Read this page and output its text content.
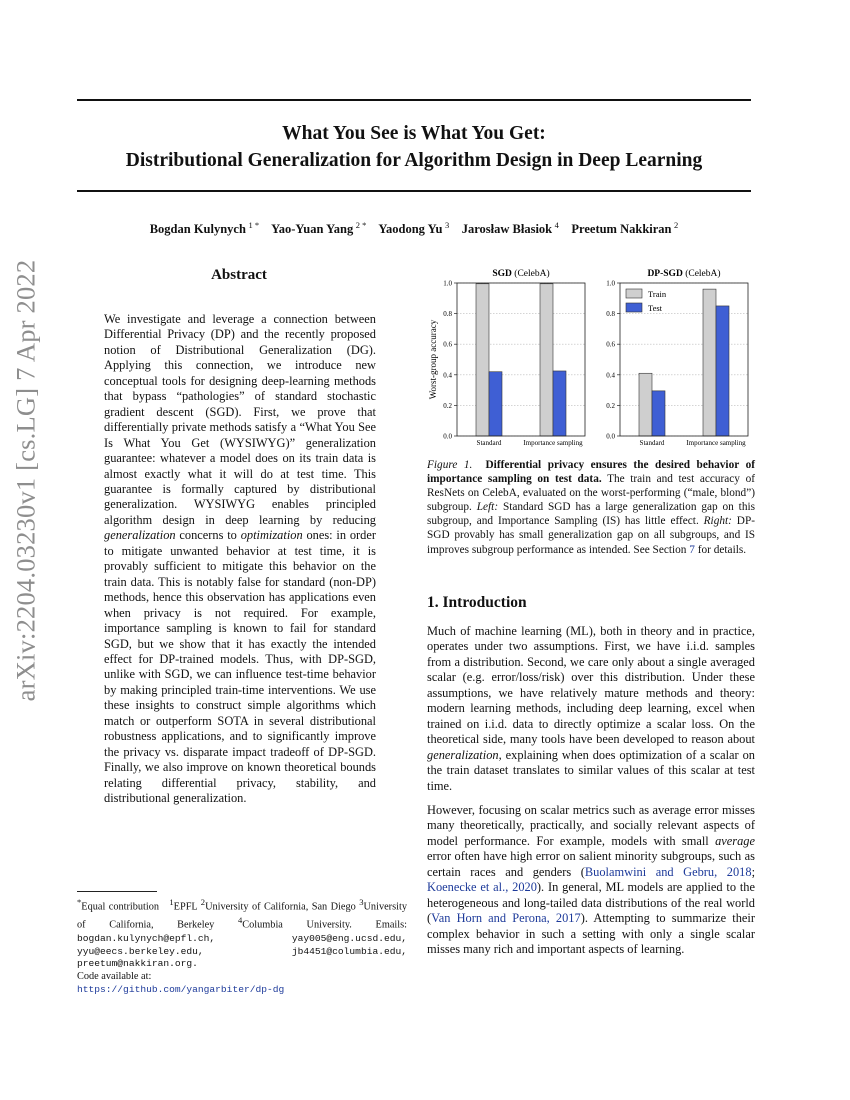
What You See is What You Get:
Distributional Generalization for Algorithm Design in Deep Learning
Bogdan Kulynych  $^{1 *}$ Yao-Yuan Yang  $^{2 *}$ Yaodong Yu  $^3$ Jarosław Błasiok  $^4$ Preetum Nakkiran  $^2$
arXiv:2204.03230v1 [cs.LG] 7 Apr 2022	Abstract
We investigate and leverage a connection between Differential Privacy (DP) and the recently proposed notion of Distributional Generalization (DG). Applying this connection, we introduce new conceptual tools for designing deep-learning methods that bypass “pathologies” of standard stochastic gradient descent (SGD). First, we prove that differentially private methods satisfy a “What You See Is What You Get (WYSIWYG)” generalization guarantee: whatever a model does on its train data is almost exactly what it will do at test time. This guarantee is formally captured by distributional generalization. WYSIWYG enables principled algorithm design in deep learning by reducing generalization concerns to optimization ones: in order to mitigate unwanted behavior at test time, it is provably sufficient to mitigate this behavior on the train data. This is notably false for standard (non-DP) methods, hence this observation has applications even when privacy is not required. For example, importance sampling is known to fail for standard SGD, but we show that it has exactly the intended effect for DP-trained models. Thus, with DP-SGD, unlike with SGD, we can influence test-time behavior by making principled train-time interventions. We use these insights to construct simple algorithms which match or outperform SOTA in several distributional robustness applications, and to significantly improve the privacy vs. disparate impact tradeoff of DP-SGD. Finally, we also improve on known theoretical bounds relating differential privacy, stability, and distributional generalization.
*Equal contribution $^1$EPFL $^2$University of California, San Diego $^3$University of California, Berkeley	$^4$Columbia University. Emails: bogdan.kulynych@epfl.ch, yay005@eng.ucsd.edu, yyu@eecs.berkeley.edu, jb4451@columbia.edu, preetum@nakkiran.org.
Code available at:
https://github.com/yangarbiter/dp-dg
SGD (CelebA)
0.0
0.2
0.4
0.6
0.8
1.0
Standard	Importance sampling
Worst-group accuracy
DP-SGD (CelebA)
0.0
0.2
0.4
0.6
0.8
1.0
Standard	Importance sampling
Train
Test
Figure 1. Differential privacy ensures the desired behavior of importance sampling on test data. The train and test accuracy of ResNets on CelebA, evaluated on the worst-performing (“male, blond”) subgroup. Left: Standard SGD has a large generalization gap on this subgroup, and Importance Sampling (IS) has little effect. Right: DP-SGD provably has small generalization gap on all subgroups, and IS improves subgroup performance as intended. See Section 7 for details.
1. Introduction

Much of machine learning (ML), both in theory and in practice, operates under two assumptions. First, we have i.i.d. samples from a distribution. Second, we care only about a single averaged scalar (e.g. error/loss/risk) over this distribution. Under these assumptions, we have relatively mature methods and theory: modern learning methods, including deep learning, excel when trained on i.i.d. data to directly optimize a scalar loss. On the theoretical side, many tools have been developed to reason about generalization, explaining when does optimization of a scalar on the train dataset translates to similar values of this scalar at test time.

However, focusing on scalar metrics such as average error misses many theoretically, practically, and socially relevant aspects of model performance. For example, models with small average error often have high error on salient minority subgroups, such as certain races and genders (Buolamwini and Gebru, 2018; Koenecke et al., 2020). In general, ML models are applied to the heterogeneous and long-tailed data distributions of the real world (Van Horn and Perona, 2017). Attempting to summarize their complex behavior in such a setting with only a single scalar misses many rich and important aspects of learning.
